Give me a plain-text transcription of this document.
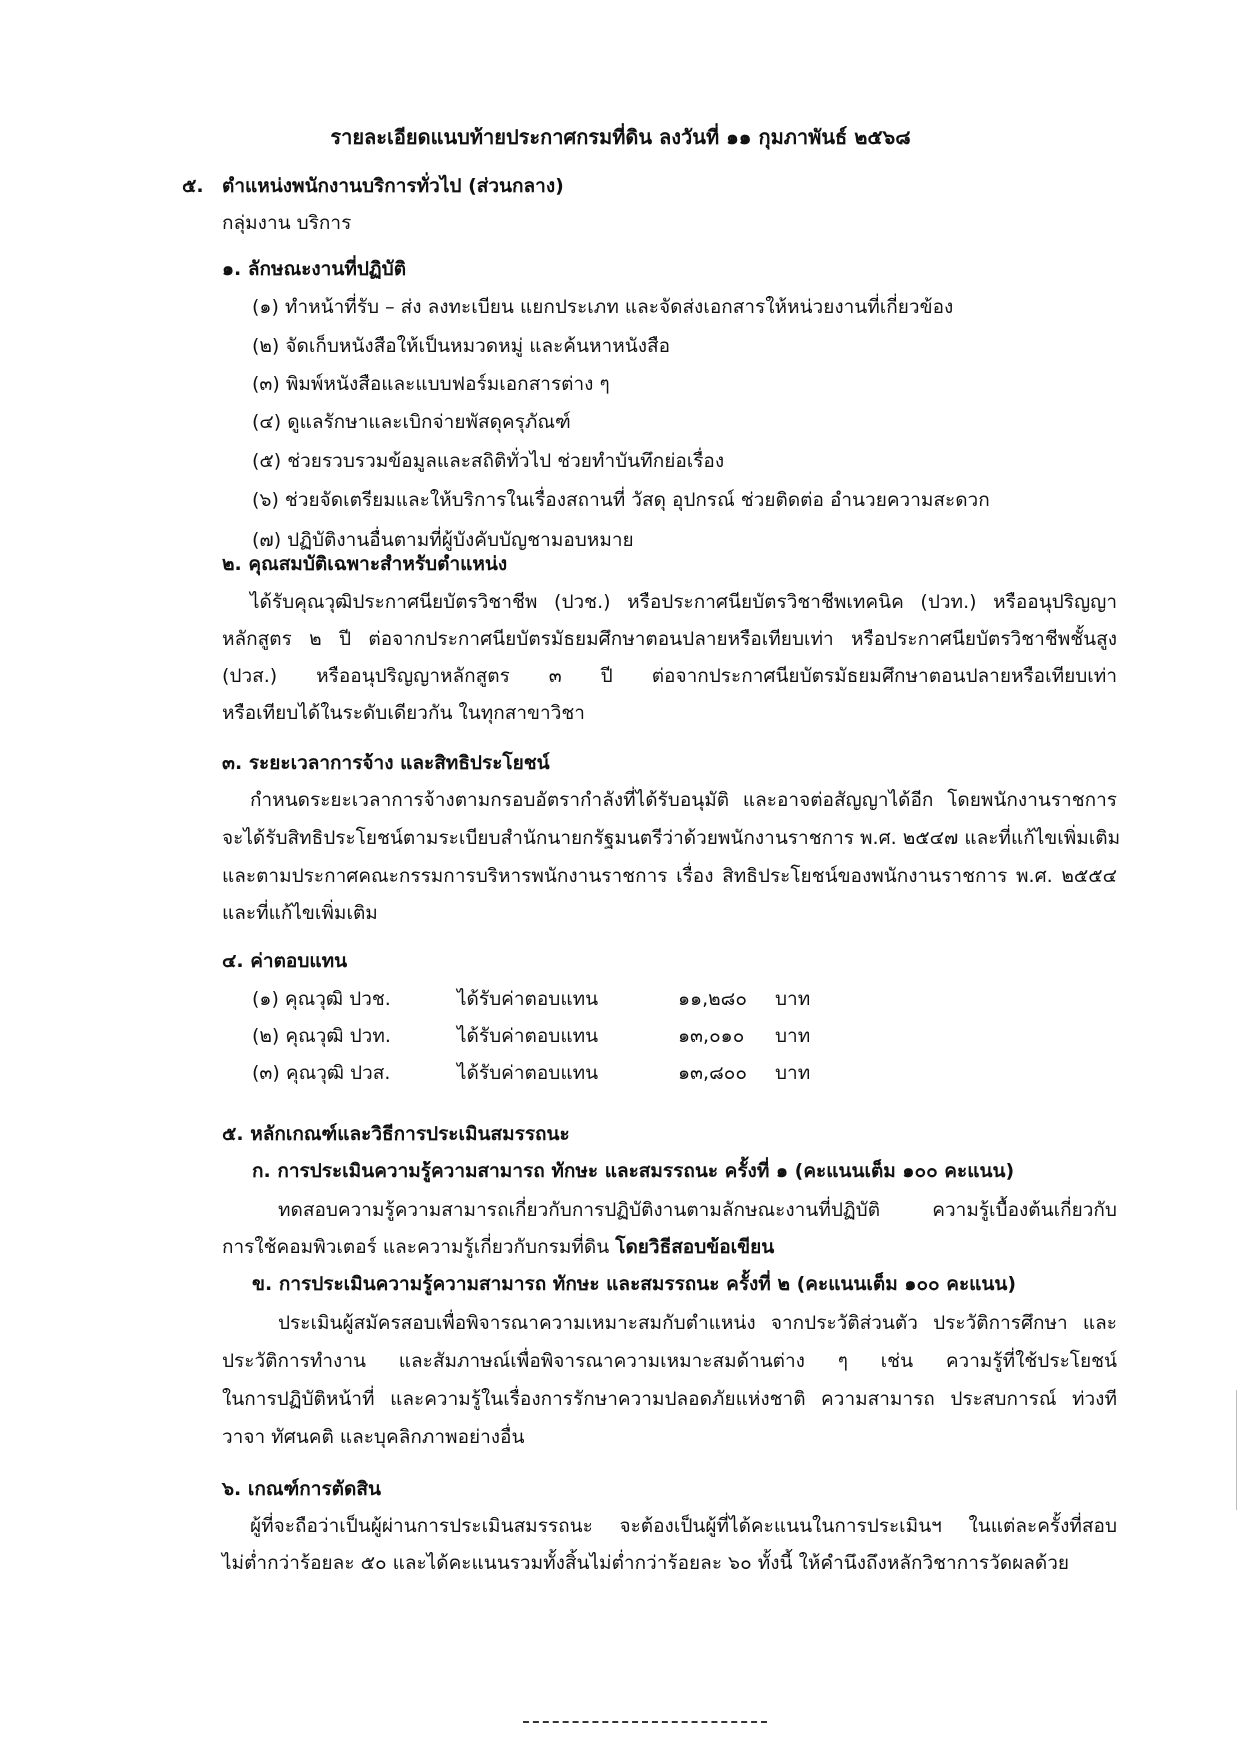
รายละเอียดแนบท้ายประกาศกรมที่ดิน ลงวันที่ ๑๑ กุมภาพันธ์ ๒๕๖๘
๕. ตำแหน่งพนักงานบริการทั่วไป (ส่วนกลาง)
กลุ่มงาน บริการ
๑. ลักษณะงานที่ปฏิบัติ
(๑) ทำหน้าที่รับ – ส่ง ลงทะเบียน แยกประเภท และจัดส่งเอกสารให้หน่วยงานที่เกี่ยวข้อง
(๒) จัดเก็บหนังสือให้เป็นหมวดหมู่ และค้นหาหนังสือ
(๓) พิมพ์หนังสือและแบบฟอร์มเอกสารต่าง ๆ
(๔) ดูแลรักษาและเบิกจ่ายพัสดุครุภัณฑ์
(๕) ช่วยรวบรวมข้อมูลและสถิติทั่วไป ช่วยทำบันทึกย่อเรื่อง
(๖) ช่วยจัดเตรียมและให้บริการในเรื่องสถานที่ วัสดุ อุปกรณ์ ช่วยติดต่อ อำนวยความสะดวก
(๗) ปฏิบัติงานอื่นตามที่ผู้บังคับบัญชามอบหมาย
๒. คุณสมบัติเฉพาะสำหรับตำแหน่ง
ได้รับคุณวุฒิประกาศนียบัตรวิชาชีพ (ปวช.) หรือประกาศนียบัตรวิชาชีพเทคนิค (ปวท.) หรืออนุปริญญา
หลักสูตร ๒ ปี ต่อจากประกาศนียบัตรมัธยมศึกษาตอนปลายหรือเทียบเท่า หรือประกาศนียบัตรวิชาชีพชั้นสูง
(ปวส.) หรืออนุปริญญาหลักสูตร ๓ ปี ต่อจากประกาศนียบัตรมัธยมศึกษาตอนปลายหรือเทียบเท่า
หรือเทียบได้ในระดับเดียวกัน ในทุกสาขาวิชา
๓. ระยะเวลาการจ้าง และสิทธิประโยชน์
กำหนดระยะเวลาการจ้างตามกรอบอัตรากำลังที่ได้รับอนุมัติ และอาจต่อสัญญาได้อีก โดยพนักงานราชการ
จะได้รับสิทธิประโยชน์ตามระเบียบสำนักนายกรัฐมนตรีว่าด้วยพนักงานราชการ พ.ศ. ๒๕๔๗ และที่แก้ไขเพิ่มเติม
และตามประกาศคณะกรรมการบริหารพนักงานราชการ เรื่อง สิทธิประโยชน์ของพนักงานราชการ พ.ศ. ๒๕๕๔
และที่แก้ไขเพิ่มเติม
๔. ค่าตอบแทน
(๑) คุณวุฒิ ปวช.	ได้รับค่าตอบแทน	๑๑,๒๘๐ บาท
(๒) คุณวุฒิ ปวท.	ได้รับค่าตอบแทน	๑๓,๐๑๐ บาท
(๓) คุณวุฒิ ปวส.	ได้รับค่าตอบแทน	๑๓,๘๐๐ บาท
๕. หลักเกณฑ์และวิธีการประเมินสมรรถนะ
ก. การประเมินความรู้ความสามารถ ทักษะ และสมรรถนะ ครั้งที่ ๑ (คะแนนเต็ม ๑๐๐ คะแนน)
ทดสอบความรู้ความสามารถเกี่ยวกับการปฏิบัติงานตามลักษณะงานที่ปฏิบัติ ความรู้เบื้องต้นเกี่ยวกับ
การใช้คอมพิวเตอร์ และความรู้เกี่ยวกับกรมที่ดิน โดยวิธีสอบข้อเขียน
ข. การประเมินความรู้ความสามารถ ทักษะ และสมรรถนะ ครั้งที่ ๒ (คะแนนเต็ม ๑๐๐ คะแนน)
ประเมินผู้สมัครสอบเพื่อพิจารณาความเหมาะสมกับตำแหน่ง จากประวัติส่วนตัว ประวัติการศึกษา และ
ประวัติการทำงาน และสัมภาษณ์เพื่อพิจารณาความเหมาะสมด้านต่าง ๆ เช่น ความรู้ที่ใช้ประโยชน์
ในการปฏิบัติหน้าที่ และความรู้ในเรื่องการรักษาความปลอดภัยแห่งชาติ ความสามารถ ประสบการณ์ ท่วงที
วาจา ทัศนคติ และบุคลิกภาพอย่างอื่น
๖. เกณฑ์การตัดสิน
ผู้ที่จะถือว่าเป็นผู้ผ่านการประเมินสมรรถนะ จะต้องเป็นผู้ที่ได้คะแนนในการประเมินฯ ในแต่ละครั้งที่สอบ
ไม่ต่ำกว่าร้อยละ ๕๐ และได้คะแนนรวมทั้งสิ้นไม่ต่ำกว่าร้อยละ ๖๐ ทั้งนี้ ให้คำนึงถึงหลักวิชาการวัดผลด้วย
